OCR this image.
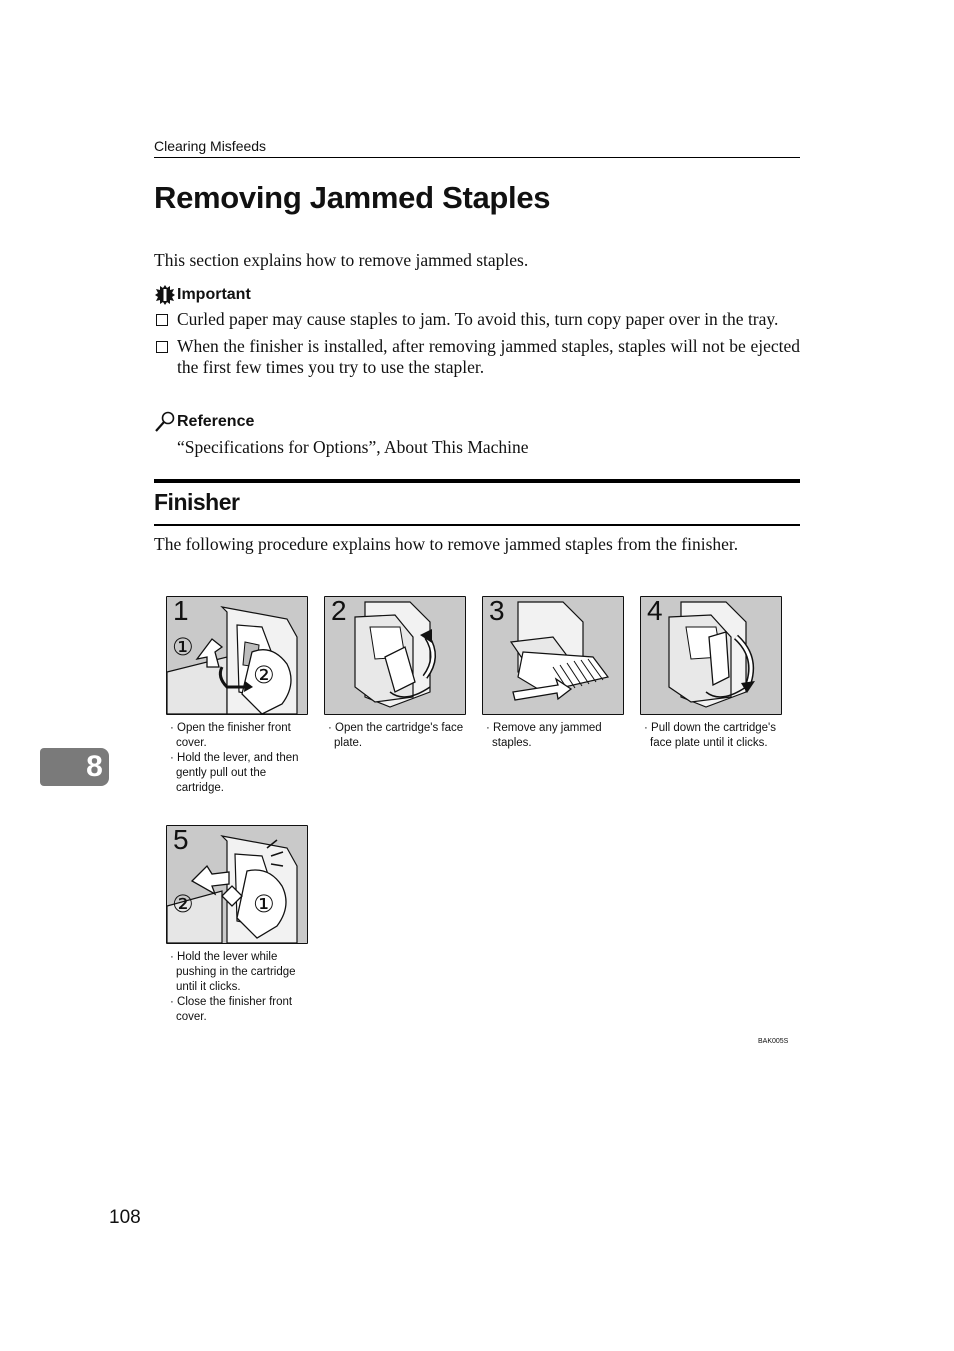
Clearing Misfeeds
Removing Jammed Staples
This section explains how to remove jammed staples.
Important
Curled paper may cause staples to jam. To avoid this, turn copy paper over in the tray.
When the finisher is installed, after removing jammed staples, staples will not be ejected the first few times you try to use the stapler.
Reference
“Specifications for Options”, About This Machine
Finisher
The following procedure explains how to remove jammed staples from the finisher.
1
①
②
· Open the finisher front cover.
· Hold the lever, and then gently pull out the cartridge.
2
· Open the cartridge's face plate.
3
· Remove any jammed staples.
4
· Pull down the cartridge's face plate until it clicks.
5
② ①
· Hold the lever while pushing in the cartridge until it clicks.
· Close the finisher front cover.
BAK005S
8
108
